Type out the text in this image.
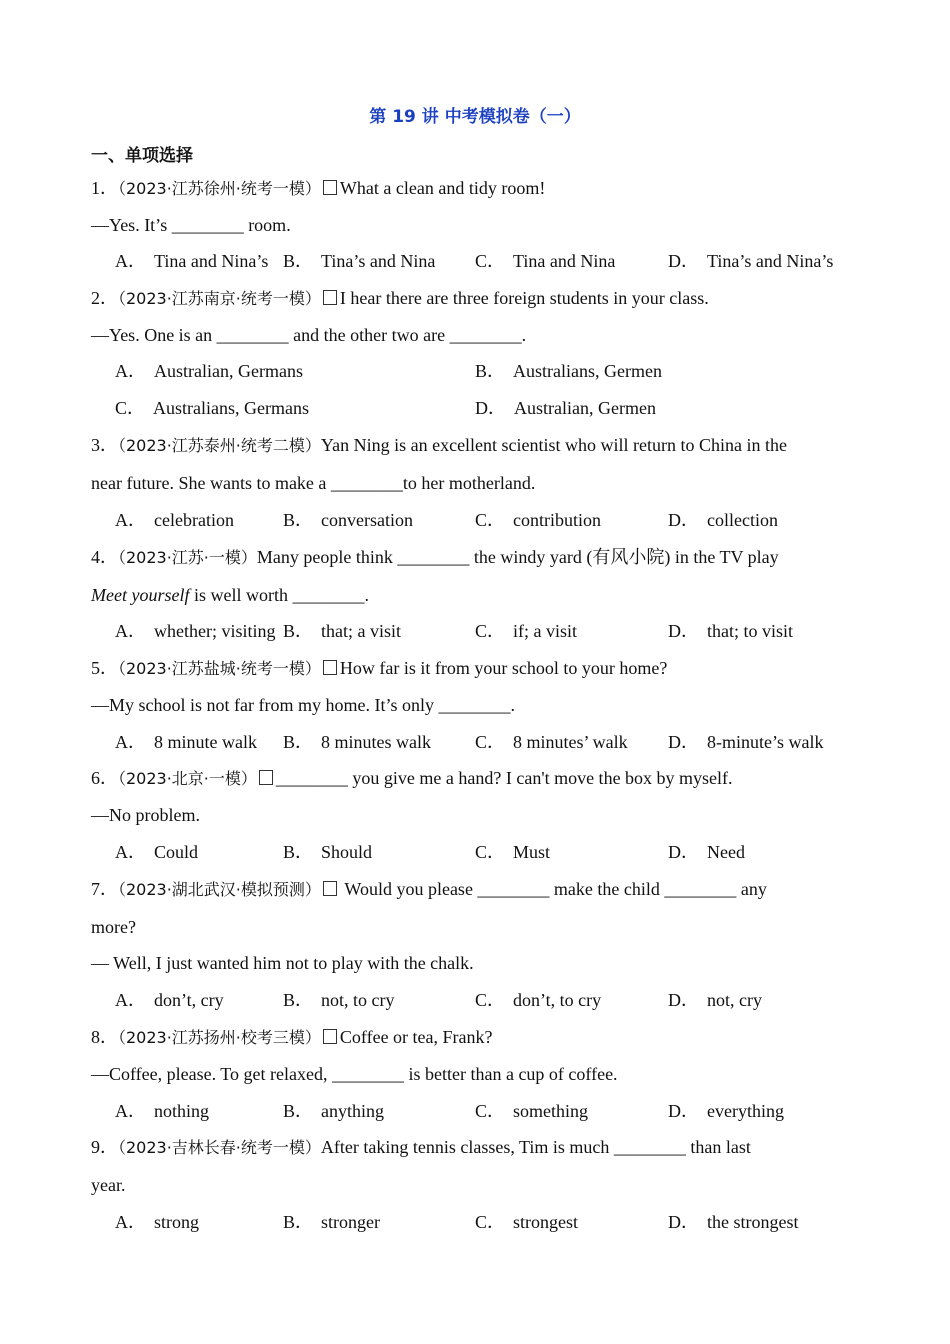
第 19 讲 中考模拟卷（一）
一、单项选择
1．（2023·江苏徐州·统考一模） What a clean and tidy room!
—Yes. It’s ________ room.
A． Tina and Nina’s B． Tina’s and Nina C． Tina and Nina	D． Tina’s and Nina’s
2．（2023·江苏南京·统考一模） I hear there are three foreign students in your class.
—Yes. One is an ________ and the other two are ________.
A． Australian, Germans	B． Australians, Germen
C． Australians, Germans	D． Australian, Germen
3．（2023·江苏泰州·统考二模）Yan Ning is an excellent scientist who will return to China in the
near future. She wants to make a ________to her motherland.
A． celebration	B． conversation	C． contribution	D． collection
4．（2023·江苏·一模）Many people think ________ the windy yard (有风小院) in the TV play
Meet yourself is well worth ________.
A． whether; visiting B． that; a visit	C． if; a visit	D． that; to visit
5．（2023·江苏盐城·统考一模） How far is it from your school to your home?
—My school is not far from my home. It’s only ________.
A． 8 minute walk B． 8 minutes walk C． 8 minutes’ walk D． 8-minute’s walk
6．（2023·北京·一模） ________ you give me a hand? I can't move the box by myself.
—No problem.
A． Could	B． Should	C． Must	D． Need
7．（2023·湖北武汉·模拟预测） Would you please ________ make the child ________ any
more?
— Well, I just wanted him not to play with the chalk.
A． don’t, cry	B． not, to cry	C． don’t, to cry	D． not, cry
8．（2023·江苏扬州·校考三模） Coffee or tea, Frank?
—Coffee, please. To get relaxed, ________ is better than a cup of coffee.
A． nothing	B． anything	C． something	D． everything
9．（2023·吉林长春·统考一模）After taking tennis classes, Tim is much ________ than last
year.
A． strong	B． stronger	C． strongest	D． the strongest
